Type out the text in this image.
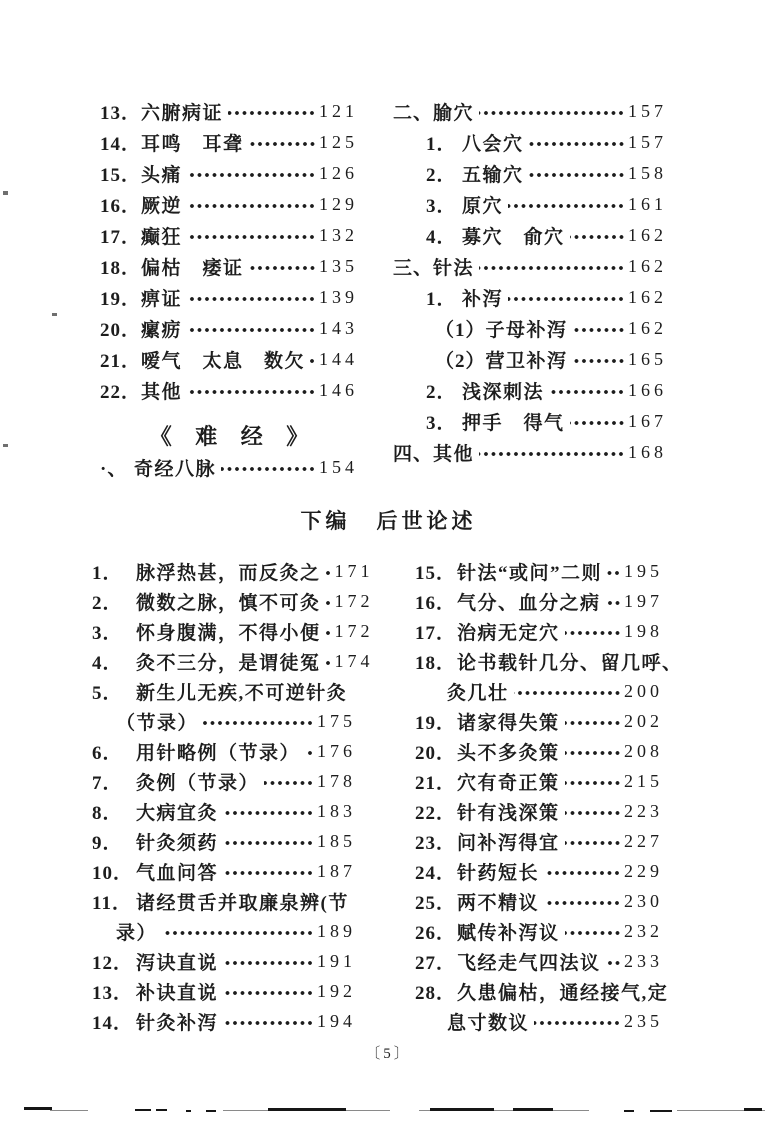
13． 六腑病证	121
14． 耳鸣　耳聋	125
15． 头痛	126
16． 厥逆	129
17． 癫狂	132
18． 偏枯　痿证	135
19． 痹证	139
20． 瘰疬	143
21． 嗳气　太息　数欠 144
22． 其他	146
《 难 经 》
·、 奇经八脉	154
二、 腧穴	157
1． 八会穴	157
2． 五输穴	158
3． 原穴	161
4． 募穴　俞穴	162
三、 针法	162
1． 补泻	162
（1） 子母补泻	162
（2） 营卫补泻	165
2． 浅深刺法	166
3． 押手　得气	167
四、 其他	168
下编 后世论述
1． 脉浮热甚，而反灸之 171
2． 微数之脉，慎不可灸 172
3． 怀身腹满，不得小便 172
4． 灸不三分，是谓徒冤 174
5． 新生儿无疾,不可逆针灸
（节录）	175
6． 用针略例（节录） 176
7． 灸例（节录）	178
8． 大病宜灸	183
9． 针灸须药	185
10． 气血问答	187
11． 诸经贯舌并取廉泉辨(节
录）	189
12． 泻诀直说	191
13． 补诀直说	192
14． 针灸补泻	194
15． 针法“或问”二则 195
16． 气分、血分之病 197
17． 治病无定穴	198
18． 论书载针几分、留几呼、
灸几壮	200
19． 诸家得失策	202
20． 头不多灸策	208
21． 穴有奇正策	215
22． 针有浅深策	223
23． 问补泻得宜	227
24． 针药短长	229
25． 两不精议	230
26． 赋传补泻议	232
27． 飞经走气四法议 233
28． 久患偏枯，通经接气,定
息寸数议	235
〔5〕
